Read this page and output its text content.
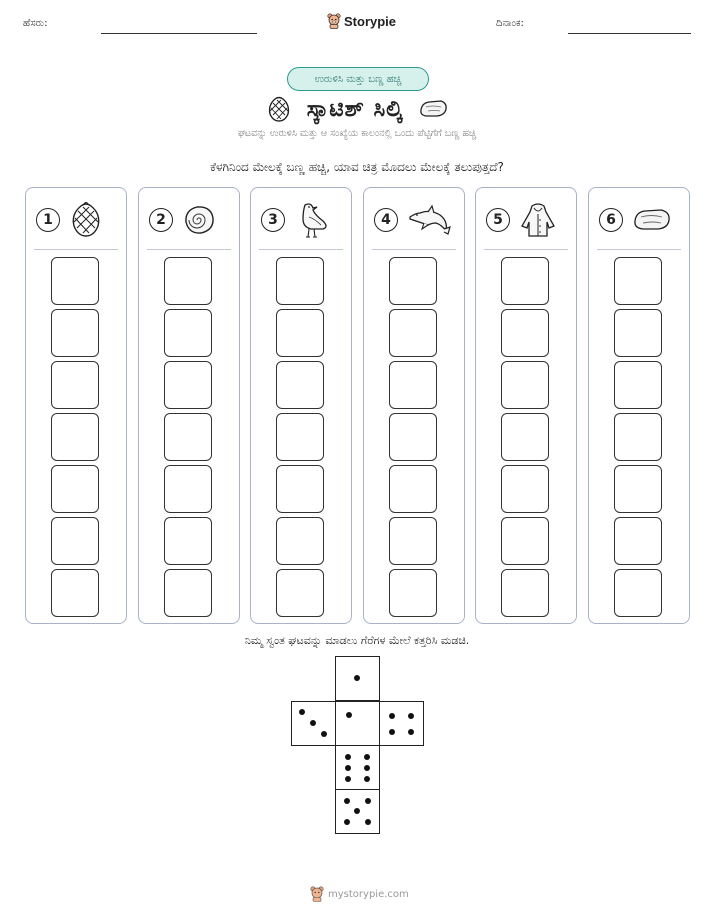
ಹೆಸರು:	Storypie	ದಿನಾಂಕ:
ಉರುಳಿಸಿ ಮತ್ತು ಬಣ್ಣ ಹಚ್ಚಿ
ಸ್ಕಾಟಿಶ್ ಸಿಲ್ಕಿ
ಘಟವನ್ನು ಉರುಳಿಸಿ ಮತ್ತು ಆ ಸಂಖ್ಯೆಯ ಕಾಲಂನಲ್ಲಿ ಒಂದು ಪೆಟ್ಟಿಗೆಗೆ ಬಣ್ಣ ಹಚ್ಚಿ
ಕೆಳಗಿನಿಂದ ಮೇಲಕ್ಕೆ ಬಣ್ಣ ಹಚ್ಚಿ, ಯಾವ ಚಿತ್ರ ಮೊದಲು ಮೇಲಕ್ಕೆ ತಲುಪುತ್ತದೆ?
1	2	3	4	5	6
ನಿಮ್ಮ ಸ್ವಂತ ಘಟವನ್ನು ಮಾಡಲು ಗೆರೆಗಳ ಮೇಲೆ ಕತ್ತರಿಸಿ ಮಡಚಿ.
mystorypie.com
